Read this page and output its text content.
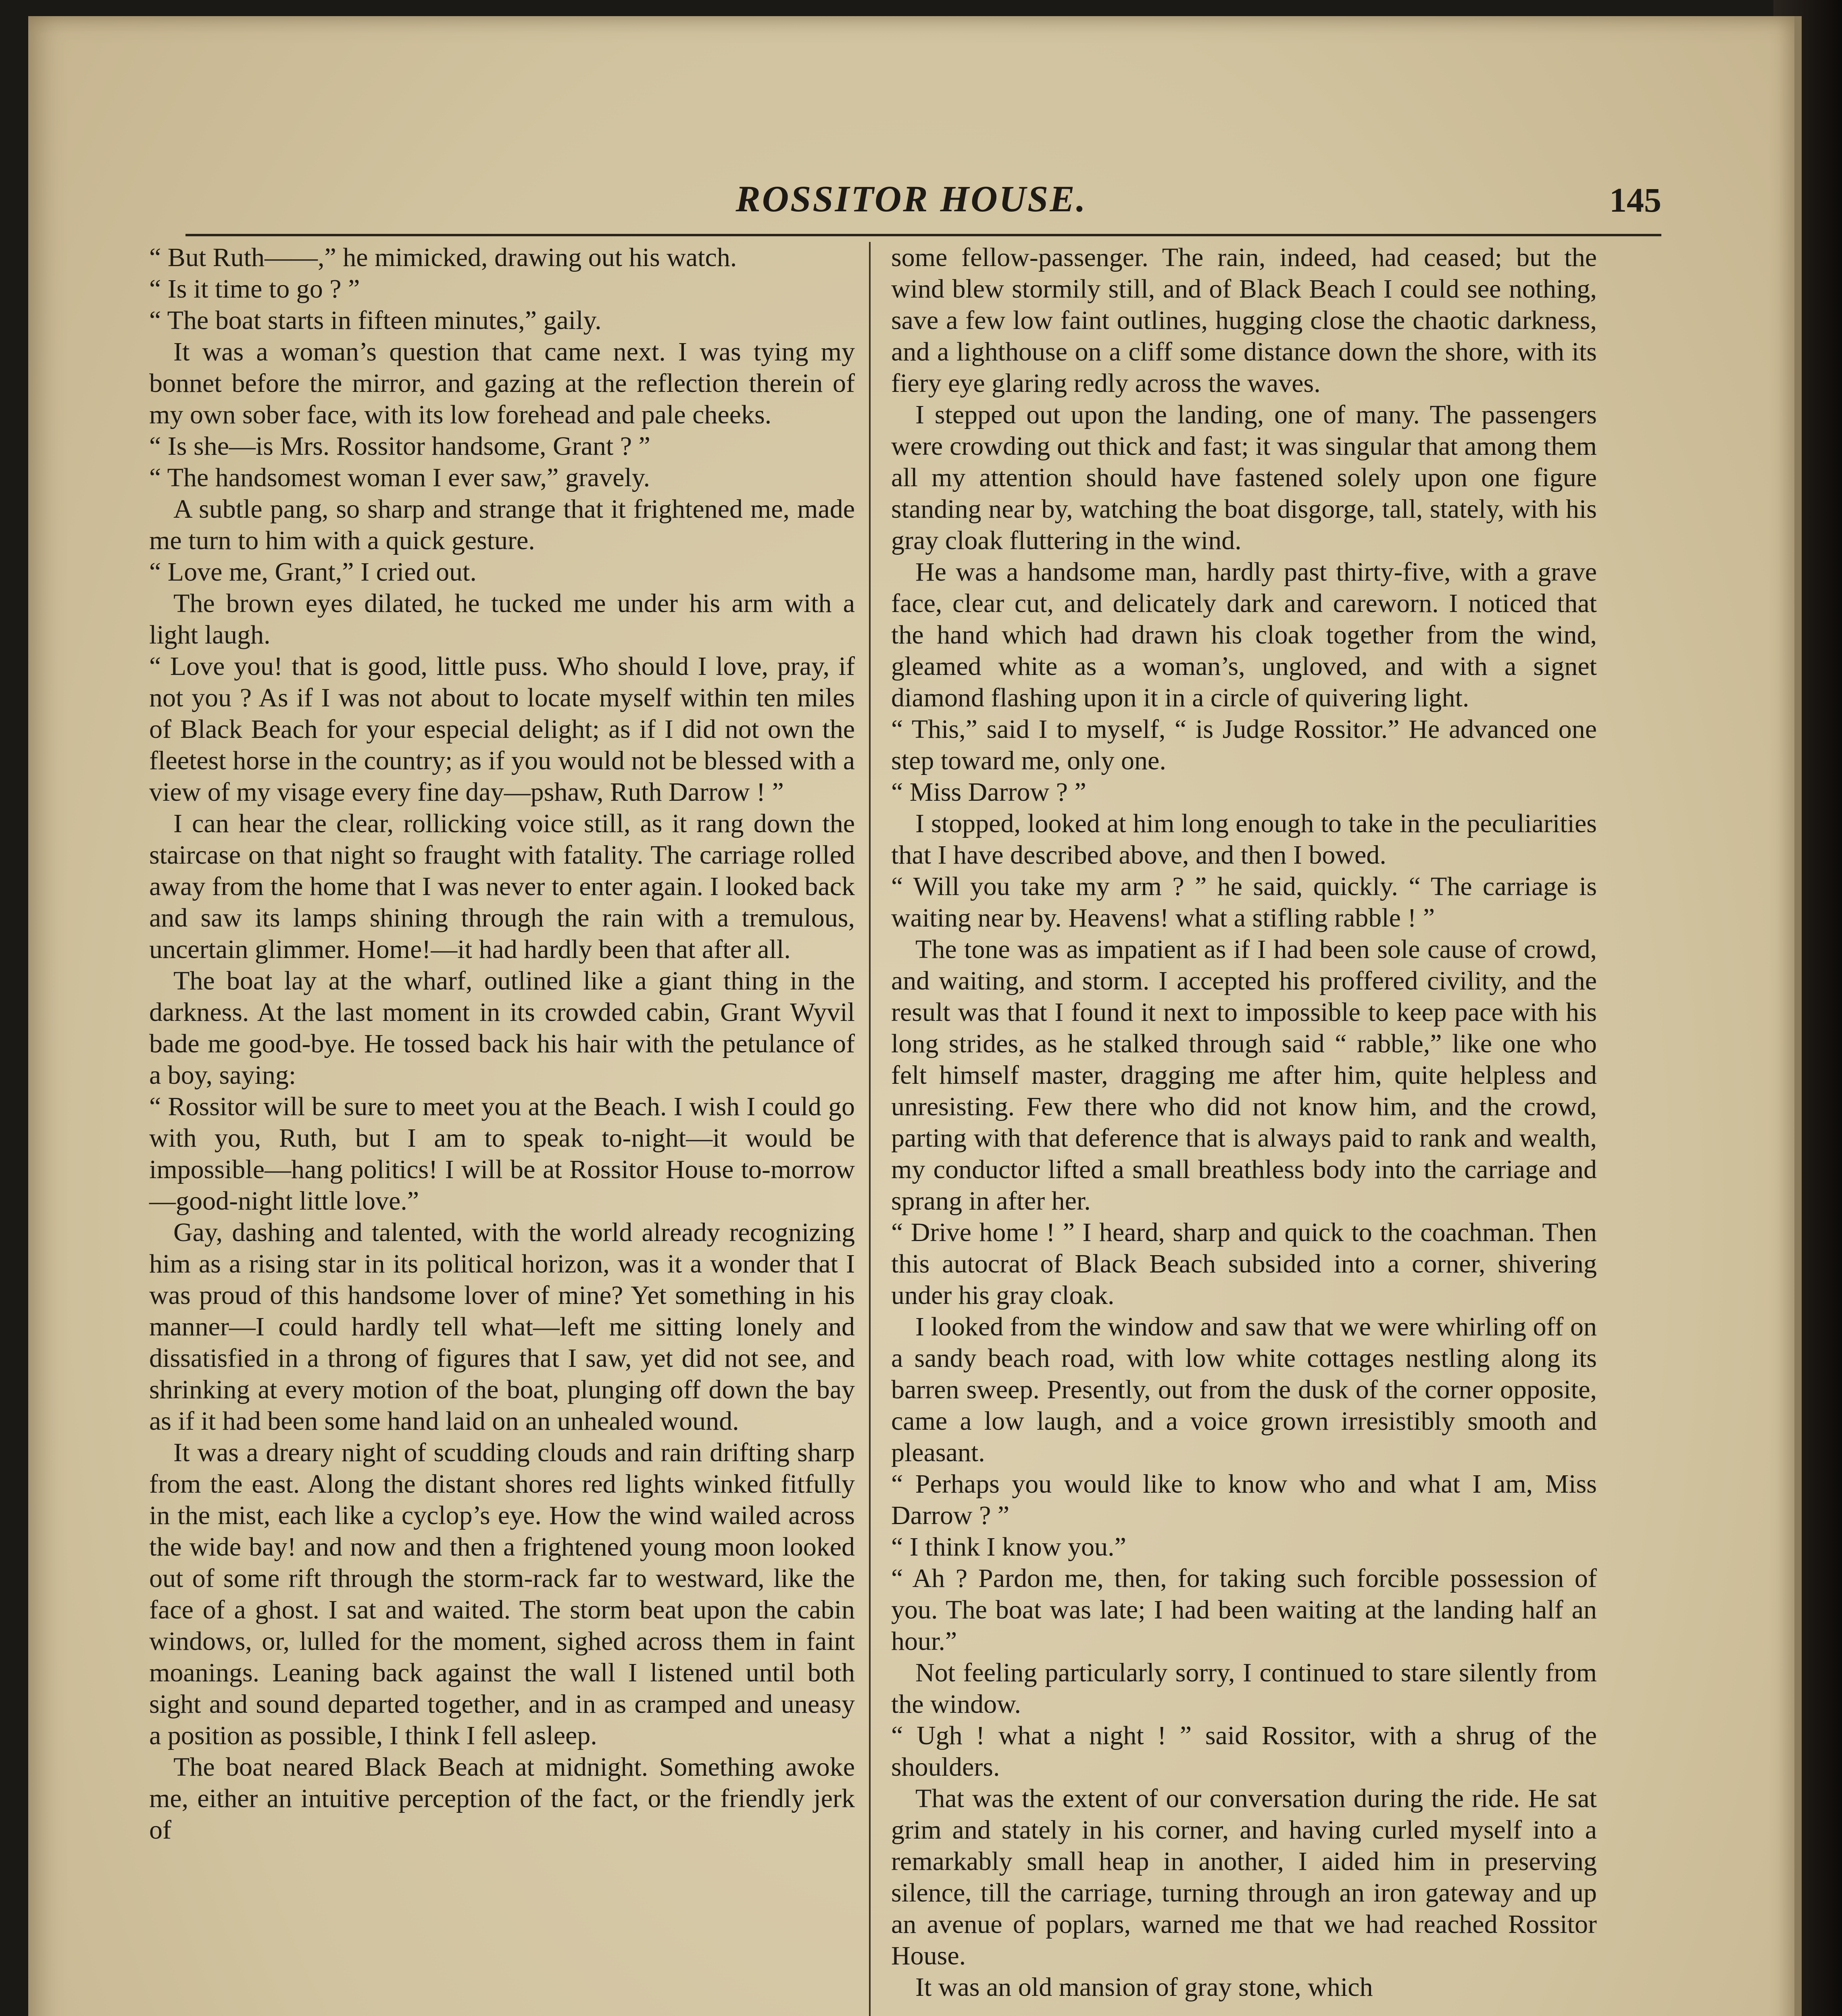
ROSSITOR HOUSE.	145

“ But Ruth——,” he mimicked, drawing out his watch.

“ Is it time to go ? ”

“ The boat starts in fifteen minutes,” gaily.

It was a woman’s question that came next. I was tying my bonnet before the mirror, and gazing at the reflection therein of my own sober face, with its low forehead and pale cheeks.

“ Is she—is Mrs. Rossitor handsome, Grant ? ”

“ The handsomest woman I ever saw,” gravely.

A subtle pang, so sharp and strange that it frightened me, made me turn to him with a quick gesture.

“ Love me, Grant,” I cried out.

The brown eyes dilated, he tucked me under his arm with a light laugh.

“ Love you! that is good, little puss. Who should I love, pray, if not you ? As if I was not about to locate myself within ten miles of Black Beach for your especial delight; as if I did not own the fleetest horse in the country; as if you would not be blessed with a view of my visage every fine day—pshaw, Ruth Darrow ! ”

I can hear the clear, rollicking voice still, as it rang down the staircase on that night so fraught with fatality. The carriage rolled away from the home that I was never to enter again. I looked back and saw its lamps shining through the rain with a tremulous, uncertain glimmer. Home!—it had hardly been that after all.

The boat lay at the wharf, outlined like a giant thing in the darkness. At the last moment in its crowded cabin, Grant Wyvil bade me good-bye. He tossed back his hair with the petulance of a boy, saying:

“ Rossitor will be sure to meet you at the Beach. I wish I could go with you, Ruth, but I am to speak to-night—it would be impossible—hang politics! I will be at Rossitor House to-morrow—good-night little love.”

Gay, dashing and talented, with the world already recognizing him as a rising star in its political horizon, was it a wonder that I was proud of this handsome lover of mine? Yet something in his manner—I could hardly tell what—left me sitting lonely and dissatisfied in a throng of figures that I saw, yet did not see, and shrinking at every motion of the boat, plunging off down the bay as if it had been some hand laid on an unhealed wound.

It was a dreary night of scudding clouds and rain drifting sharp from the east. Along the distant shores red lights winked fitfully in the mist, each like a cyclop’s eye. How the wind wailed across the wide bay! and now and then a frightened young moon looked out of some rift through the storm-rack far to westward, like the face of a ghost. I sat and waited. The storm beat upon the cabin windows, or, lulled for the moment, sighed across them in faint moanings. Leaning back against the wall I listened until both sight and sound departed together, and in as cramped and uneasy a position as possible, I think I fell asleep.

The boat neared Black Beach at midnight. Something awoke me, either an intuitive perception of the fact, or the friendly jerk of

some fellow-passenger. The rain, indeed, had ceased; but the wind blew stormily still, and of Black Beach I could see nothing, save a few low faint outlines, hugging close the chaotic darkness, and a lighthouse on a cliff some distance down the shore, with its fiery eye glaring redly across the waves.

I stepped out upon the landing, one of many. The passengers were crowding out thick and fast; it was singular that among them all my attention should have fastened solely upon one figure standing near by, watching the boat disgorge, tall, stately, with his gray cloak fluttering in the wind.

He was a handsome man, hardly past thirty-five, with a grave face, clear cut, and delicately dark and careworn. I noticed that the hand which had drawn his cloak together from the wind, gleamed white as a woman’s, ungloved, and with a signet diamond flashing upon it in a circle of quivering light.

“ This,” said I to myself, “ is Judge Rossitor.” He advanced one step toward me, only one.

“ Miss Darrow ? ”

I stopped, looked at him long enough to take in the peculiarities that I have described above, and then I bowed.

“ Will you take my arm ? ” he said, quickly. “ The carriage is waiting near by. Heavens! what a stifling rabble ! ”

The tone was as impatient as if I had been sole cause of crowd, and waiting, and storm. I accepted his proffered civility, and the result was that I found it next to impossible to keep pace with his long strides, as he stalked through said “ rabble,” like one who felt himself master, dragging me after him, quite helpless and unresisting. Few there who did not know him, and the crowd, parting with that deference that is always paid to rank and wealth, my conductor lifted a small breathless body into the carriage and sprang in after her.

“ Drive home ! ” I heard, sharp and quick to the coachman. Then this autocrat of Black Beach subsided into a corner, shivering under his gray cloak.

I looked from the window and saw that we were whirling off on a sandy beach road, with low white cottages nestling along its barren sweep. Presently, out from the dusk of the corner opposite, came a low laugh, and a voice grown irresistibly smooth and pleasant.

“ Perhaps you would like to know who and what I am, Miss Darrow ? ”

“ I think I know you.”

“ Ah ? Pardon me, then, for taking such forcible possession of you. The boat was late; I had been waiting at the landing half an hour.”

Not feeling particularly sorry, I continued to stare silently from the window.

“ Ugh ! what a night ! ” said Rossitor, with a shrug of the shoulders.

That was the extent of our conversation during the ride. He sat grim and stately in his corner, and having curled myself into a remarkably small heap in another, I aided him in preserving silence, till the carriage, turning through an iron gateway and up an avenue of poplars, warned me that we had reached Rossitor House.

It was an old mansion of gray stone, which
